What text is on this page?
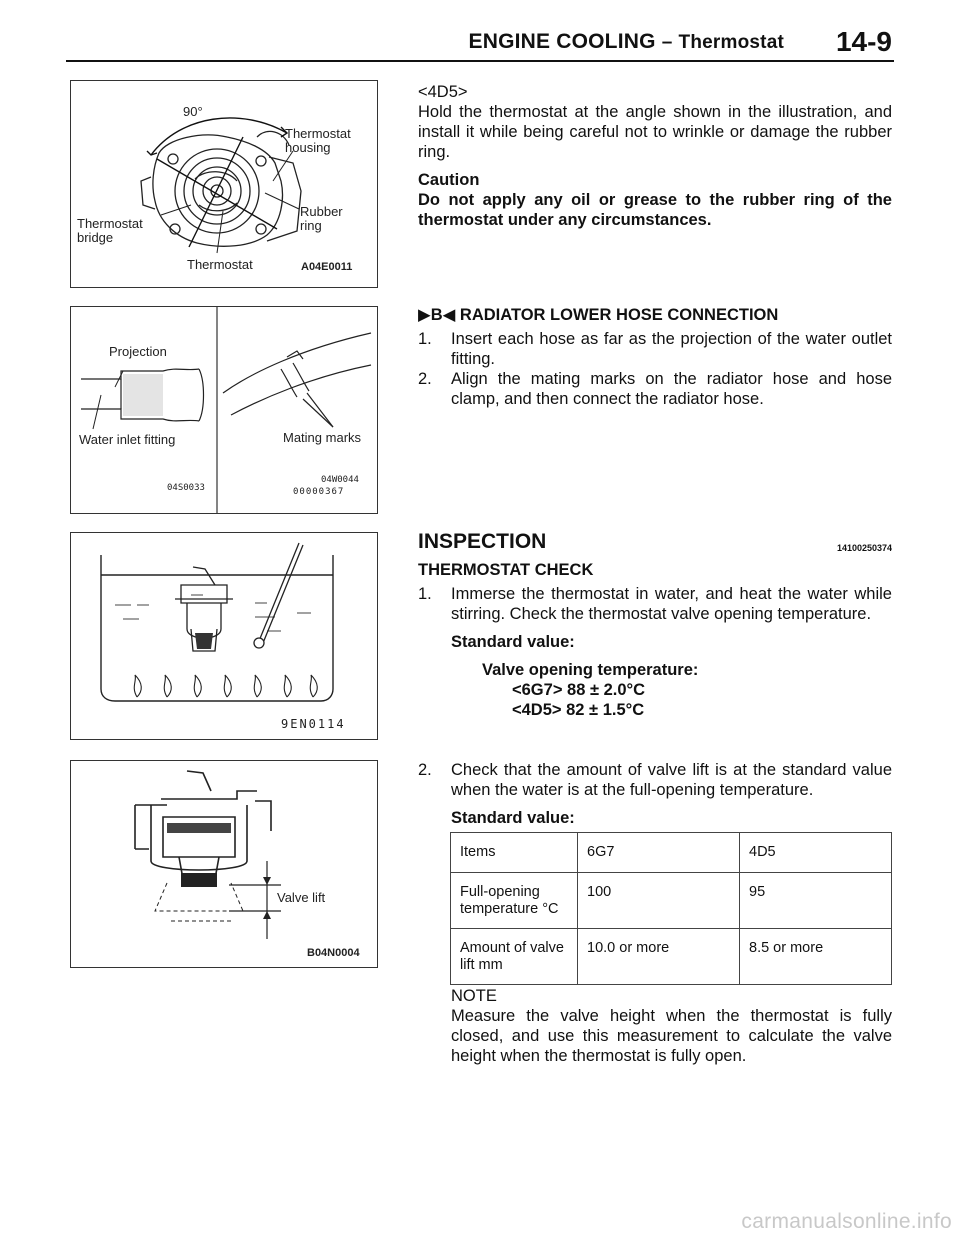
ENGINE COOLING – Thermostat 14-9
90°
Thermostat
housing
Rubber
ring
Thermostat
bridge
Thermostat	A04E0011
Projection
Water inlet fitting	Mating marks
04S0033
04W0044
00000367
9EN0114
Valve lift
B04N0004

<4D5>

Hold the thermostat at the angle shown in the illustration, and install it while being careful not to wrinkle or damage the rubber ring.

Caution

Do not apply any oil or grease to the rubber ring of the thermostat under any circumstances.

▶B◀ RADIATOR LOWER HOSE CONNECTION

1. Insert each hose as far as the projection of the water outlet fitting.
2. Align the mating marks on the radiator hose and hose clamp, and then connect the radiator hose.
INSPECTION	14100250374

THERMOSTAT CHECK

1. Immerse the thermostat in water, and heat the water while stirring. Check the thermostat valve opening temperature.

Standard value:

Valve opening temperature:

<6G7> 88 ± 2.0°C

<4D5> 82 ± 1.5°C

2. Check that the amount of valve lift is at the standard value when the water is at the full-opening temperature.

Standard value:

Items	6G7	4D5

Full-opening
temperature °C	100	95

Amount of valve
lift mm	10.0 or more	8.5 or more

NOTE

Measure the valve height when the thermostat is fully closed, and use this measurement to calculate the valve height when the thermostat is fully open.

carmanualsonline.info
